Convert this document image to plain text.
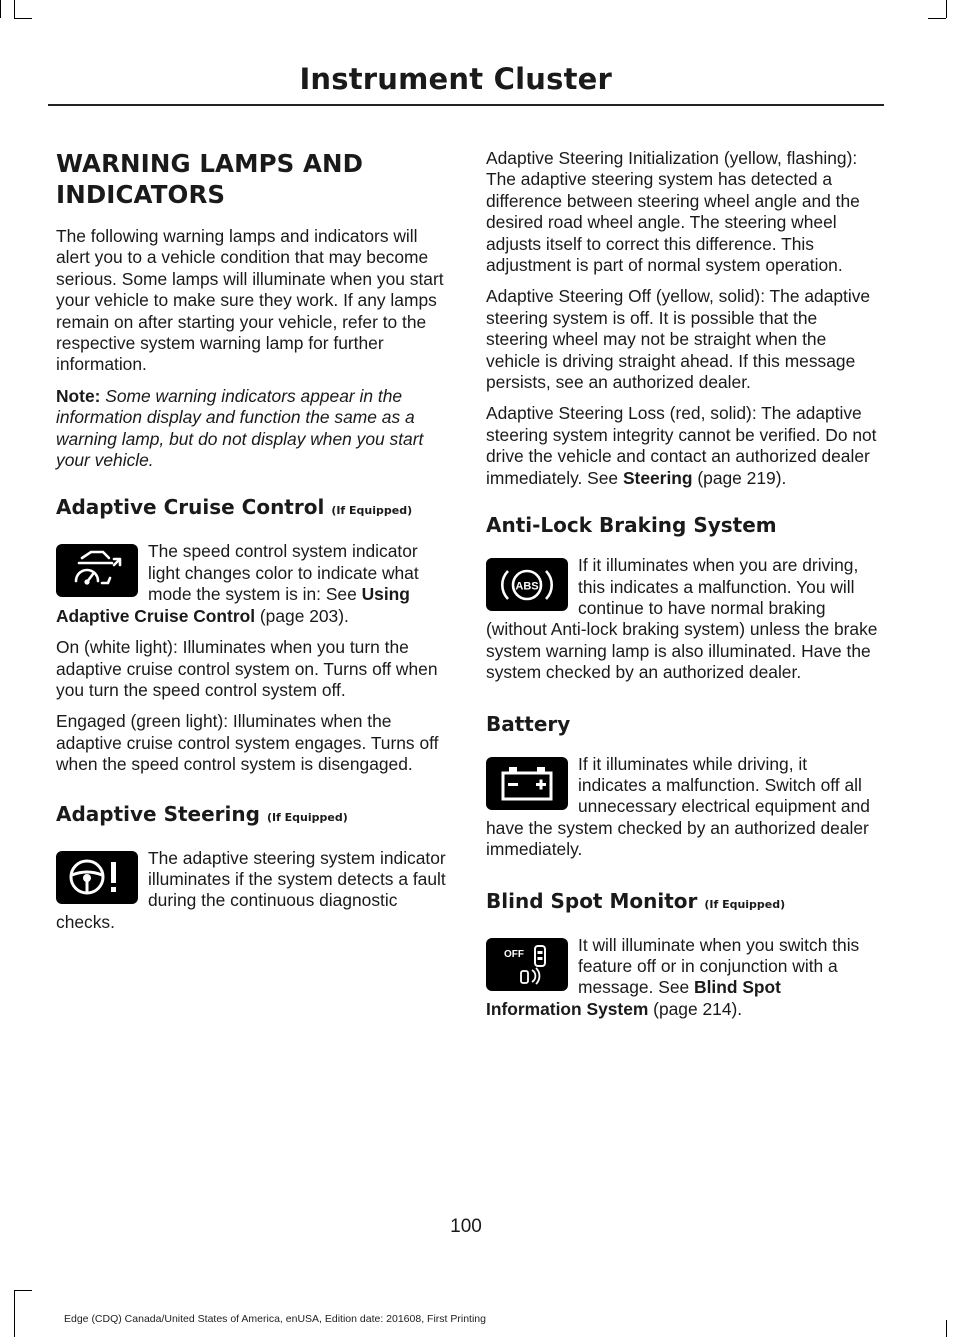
Instrument Cluster
WARNING LAMPS AND INDICATORS

The following warning lamps and indicators will alert you to a vehicle condition that may become serious. Some lamps will illuminate when you start your vehicle to make sure they work. If any lamps remain on after starting your vehicle, refer to the respective system warning lamp for further information.

Note: Some warning indicators appear in the information display and function the same as a warning lamp, but do not display when you start your vehicle.

Adaptive Cruise Control (If Equipped)

The speed control system indicator light changes color to indicate what mode the system is in: See Using Adaptive Cruise Control (page 203).

On (white light): Illuminates when you turn the adaptive cruise control system on. Turns off when you turn the speed control system off.

Engaged (green light): Illuminates when the adaptive cruise control system engages. Turns off when the speed control system is disengaged.

Adaptive Steering (If Equipped)

The adaptive steering system indicator illuminates if the system detects a fault during the continuous diagnostic checks.

Adaptive Steering Initialization (yellow, flashing): The adaptive steering system has detected a difference between steering wheel angle and the desired road wheel angle. The steering wheel adjusts itself to correct this difference. This adjustment is part of normal system operation.

Adaptive Steering Off (yellow, solid): The adaptive steering system is off. It is possible that the steering wheel may not be straight when the vehicle is driving straight ahead. If this message persists, see an authorized dealer.

Adaptive Steering Loss (red, solid): The adaptive steering system integrity cannot be verified. Do not drive the vehicle and contact an authorized dealer immediately. See Steering (page 219).

Anti-Lock Braking System
ABS

If it illuminates when you are driving, this indicates a malfunction. You will continue to have normal braking (without Anti-lock braking system) unless the brake system warning lamp is also illuminated. Have the system checked by an authorized dealer.

Battery

If it illuminates while driving, it indicates a malfunction. Switch off all unnecessary electrical equipment and have the system checked by an authorized dealer immediately.

Blind Spot Monitor (If Equipped)
OFF	It will illuminate when you switch this feature off or in conjunction with a message. See Blind Spot Information System (page 214).

100
Edge (CDQ) Canada/United States of America, enUSA, Edition date: 201608, First Printing
